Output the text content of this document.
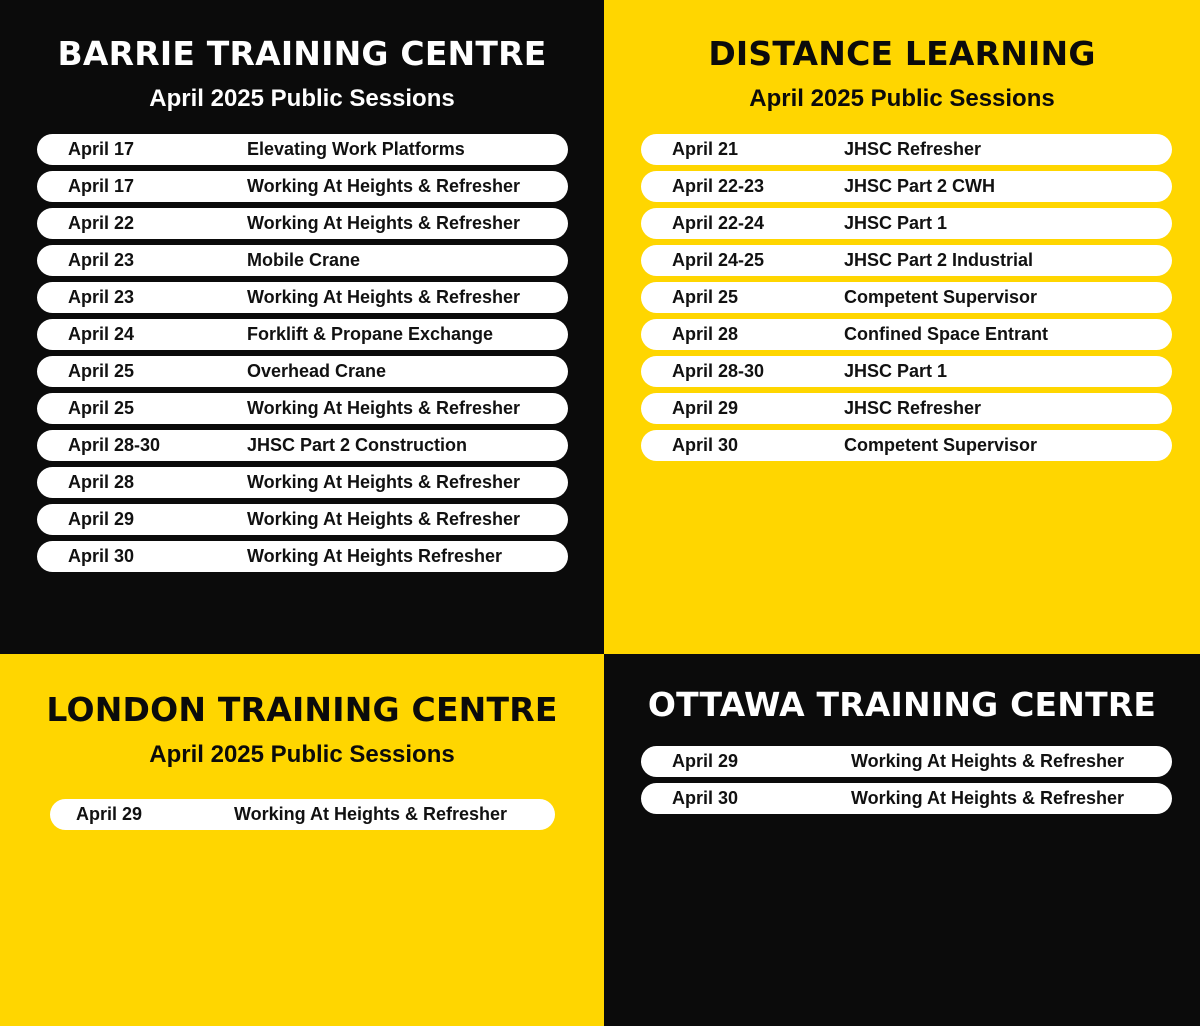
BARRIE TRAINING CENTRE
April 2025 Public Sessions
April 17	Elevating Work Platforms
April 17	Working At Heights & Refresher
April 22	Working At Heights & Refresher
April 23	Mobile Crane
April 23	Working At Heights & Refresher
April 24	Forklift & Propane Exchange
April 25	Overhead Crane
April 25	Working At Heights & Refresher
April 28-30	JHSC Part 2 Construction
April 28	Working At Heights & Refresher
April 29	Working At Heights & Refresher
April 30	Working At Heights Refresher
DISTANCE LEARNING
April 2025 Public Sessions
April 21	JHSC Refresher
April 22-23	JHSC Part 2 CWH
April 22-24	JHSC Part 1
April 24-25	JHSC Part 2 Industrial
April 25	Competent Supervisor
April 28	Confined Space Entrant
April 28-30	JHSC Part 1
April 29	JHSC Refresher
April 30	Competent Supervisor
LONDON TRAINING CENTRE
April 2025 Public Sessions
April 29	Working At Heights & Refresher
OTTAWA TRAINING CENTRE
April 29	Working At Heights & Refresher
April 30	Working At Heights & Refresher
